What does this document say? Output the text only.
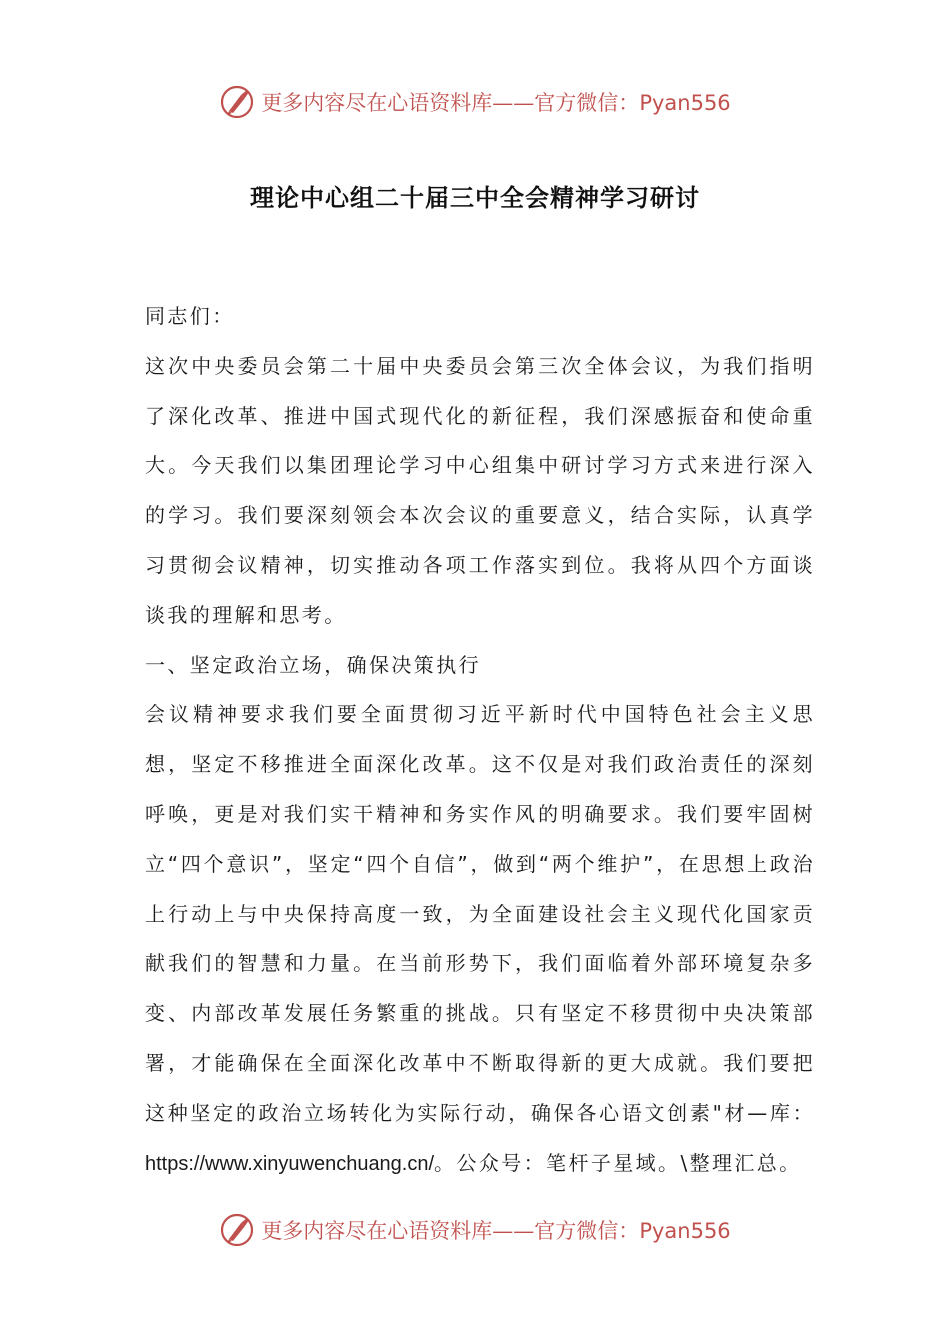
更多内容尽在心语资料库——官方微信：Pyan556
理论中心组二十届三中全会精神学习研讨

同志们：

这次中央委员会第二十届中央委员会第三次全体会议，为我们指明了深化改革、推进中国式现代化的新征程，我们深感振奋和使命重大。今天我们以集团理论学习中心组集中研讨学习方式来进行深入的学习。我们要深刻领会本次会议的重要意义，结合实际，认真学习贯彻会议精神，切实推动各项工作落实到位。我将从四个方面谈谈我的理解和思考。

一、坚定政治立场，确保决策执行

会议精神要求我们要全面贯彻习近平新时代中国特色社会主义思想，坚定不移推进全面深化改革。这不仅是对我们政治责任的深刻呼唤，更是对我们实干精神和务实作风的明确要求。我们要牢固树立“四个意识”，坚定“四个自信”，做到“两个维护”，在思想上政治上行动上与中央保持高度一致，为全面建设社会主义现代化国家贡献我们的智慧和力量。在当前形势下，我们面临着外部环境复杂多变、内部改革发展任务繁重的挑战。只有坚定不移贯彻中央决策部署，才能确保在全面深化改革中不断取得新的更大成就。我们要把这种坚定的政治立场转化为实际行动，确保各心语文创素"材—库：https://www.xinyuwenchuang.cn/。公众号：笔杆子星域。\整理汇总。

更多内容尽在心语资料库——官方微信：Pyan556
